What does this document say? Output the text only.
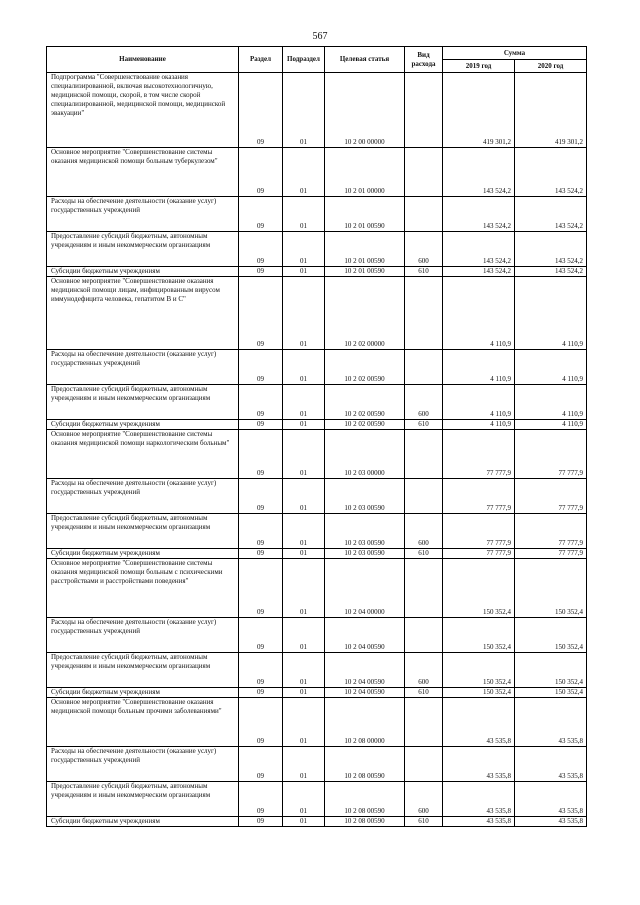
567
Наименование	Раздел	Подраздел	Целевая статья	Вид расхода	Сумма	
					2019 год	2020 год
Подпрограмма "Совершенствование оказания специализированной, включая высокотехнологичную, медицинской помощи, скорой, в том числе скорой специализированной, медицинской помощи, медицинской эвакуации"	09	01	10 2 00 00000		419 301,2	419 301,2
Основное мероприятие "Совершенствование системы оказания медицинской помощи больным туберкулезом"	09	01	10 2 01 00000		143 524,2	143 524,2
Расходы на обеспечение деятельности (оказание услуг) государственных учреждений	09	01	10 2 01 00590		143 524,2	143 524,2
Предоставление субсидий бюджетным, автономным учреждениям и иным некоммерческим организациям	09	01	10 2 01 00590	600	143 524,2	143 524,2
Субсидии бюджетным учреждениям	09	01	10 2 01 00590	610	143 524,2	143 524,2
Основное мероприятие "Совершенствование оказания медицинской помощи лицам, инфицированным вирусом иммунодефицита человека, гепатитом B и C"	09	01	10 2 02 00000		4 110,9	4 110,9
Расходы на обеспечение деятельности (оказание услуг) государственных учреждений	09	01	10 2 02 00590		4 110,9	4 110,9
Предоставление субсидий бюджетным, автономным учреждениям и иным некоммерческим организациям	09	01	10 2 02 00590	600	4 110,9	4 110,9
Субсидии бюджетным учреждениям	09	01	10 2 02 00590	610	4 110,9	4 110,9
Основное мероприятие "Совершенствование системы оказания медицинской помощи наркологическим больным"	09	01	10 2 03 00000		77 777,9	77 777,9
Расходы на обеспечение деятельности (оказание услуг) государственных учреждений	09	01	10 2 03 00590		77 777,9	77 777,9
Предоставление субсидий бюджетным, автономным учреждениям и иным некоммерческим организациям	09	01	10 2 03 00590	600	77 777,9	77 777,9
Субсидии бюджетным учреждениям	09	01	10 2 03 00590	610	77 777,9	77 777,9
Основное мероприятие "Совершенствование системы оказания медицинской помощи больным с психическими расстройствами и расстройствами поведения"	09	01	10 2 04 00000		150 352,4	150 352,4
Расходы на обеспечение деятельности (оказание услуг) государственных учреждений	09	01	10 2 04 00590		150 352,4	150 352,4
Предоставление субсидий бюджетным, автономным учреждениям и иным некоммерческим организациям	09	01	10 2 04 00590	600	150 352,4	150 352,4
Субсидии бюджетным учреждениям	09	01	10 2 04 00590	610	150 352,4	150 352,4
Основное мероприятие "Совершенствование оказания медицинской помощи больным прочими заболеваниями"	09	01	10 2 08 00000		43 535,8	43 535,8
Расходы на обеспечение деятельности (оказание услуг) государственных учреждений	09	01	10 2 08 00590		43 535,8	43 535,8
Предоставление субсидий бюджетным, автономным учреждениям и иным некоммерческим организациям	09	01	10 2 08 00590	600	43 535,8	43 535,8
Субсидии бюджетным учреждениям	09	01	10 2 08 00590	610	43 535,8	43 535,8
